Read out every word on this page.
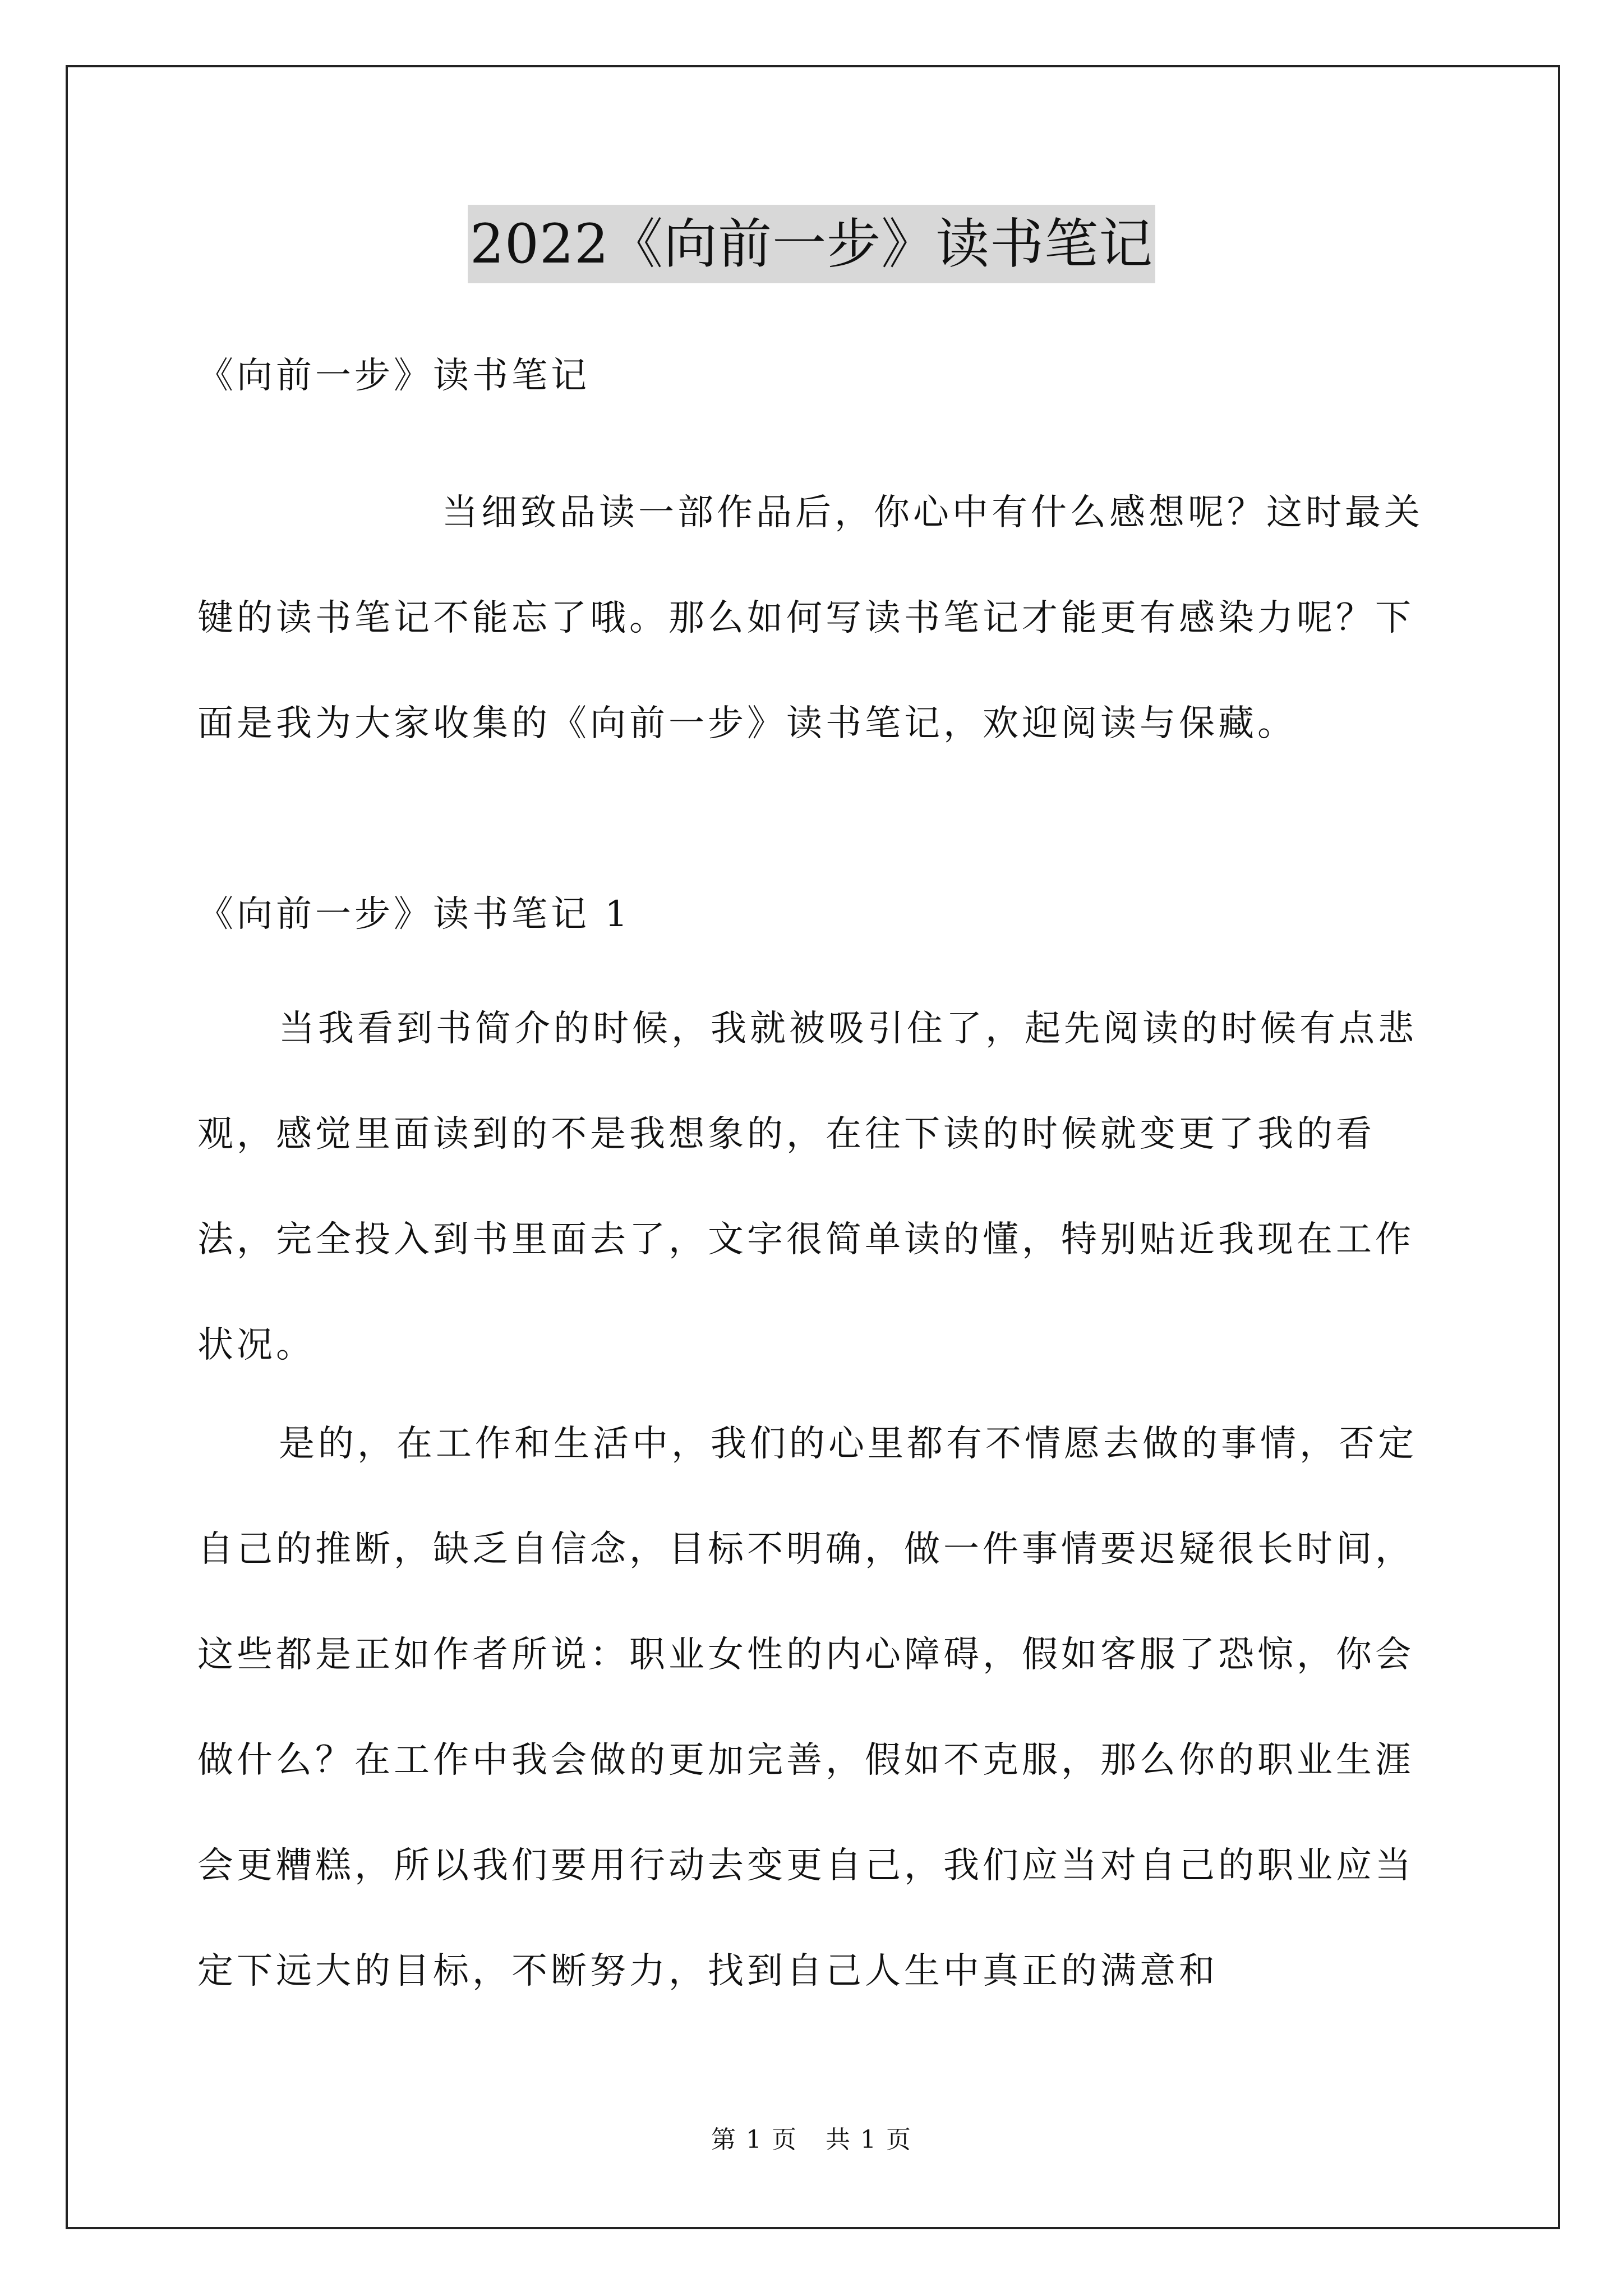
2022《向前一步》读书笔记

《向前一步》读书笔记

当细致品读一部作品后，你心中有什么感想呢？这时最关键的读书笔记不能忘了哦。那么如何写读书笔记才能更有感染力呢？下面是我为大家收集的《向前一步》读书笔记，欢迎阅读与保藏。

《向前一步》读书笔记 1

当我看到书简介的时候，我就被吸引住了，起先阅读的时候有点悲观，感觉里面读到的不是我想象的，在往下读的时候就变更了我的看法，完全投入到书里面去了，文字很简单读的懂，特别贴近我现在工作状况。

是的，在工作和生活中，我们的心里都有不情愿去做的事情，否定自己的推断，缺乏自信念，目标不明确，做一件事情要迟疑很长时间，这些都是正如作者所说：职业女性的内心障碍，假如客服了恐惊，你会做什么？在工作中我会做的更加完善，假如不克服，那么你的职业生涯会更糟糕，所以我们要用行动去变更自己，我们应当对自己的职业应当定下远大的目标，不断努力，找到自己人生中真正的满意和

第 1 页 共 1 页
